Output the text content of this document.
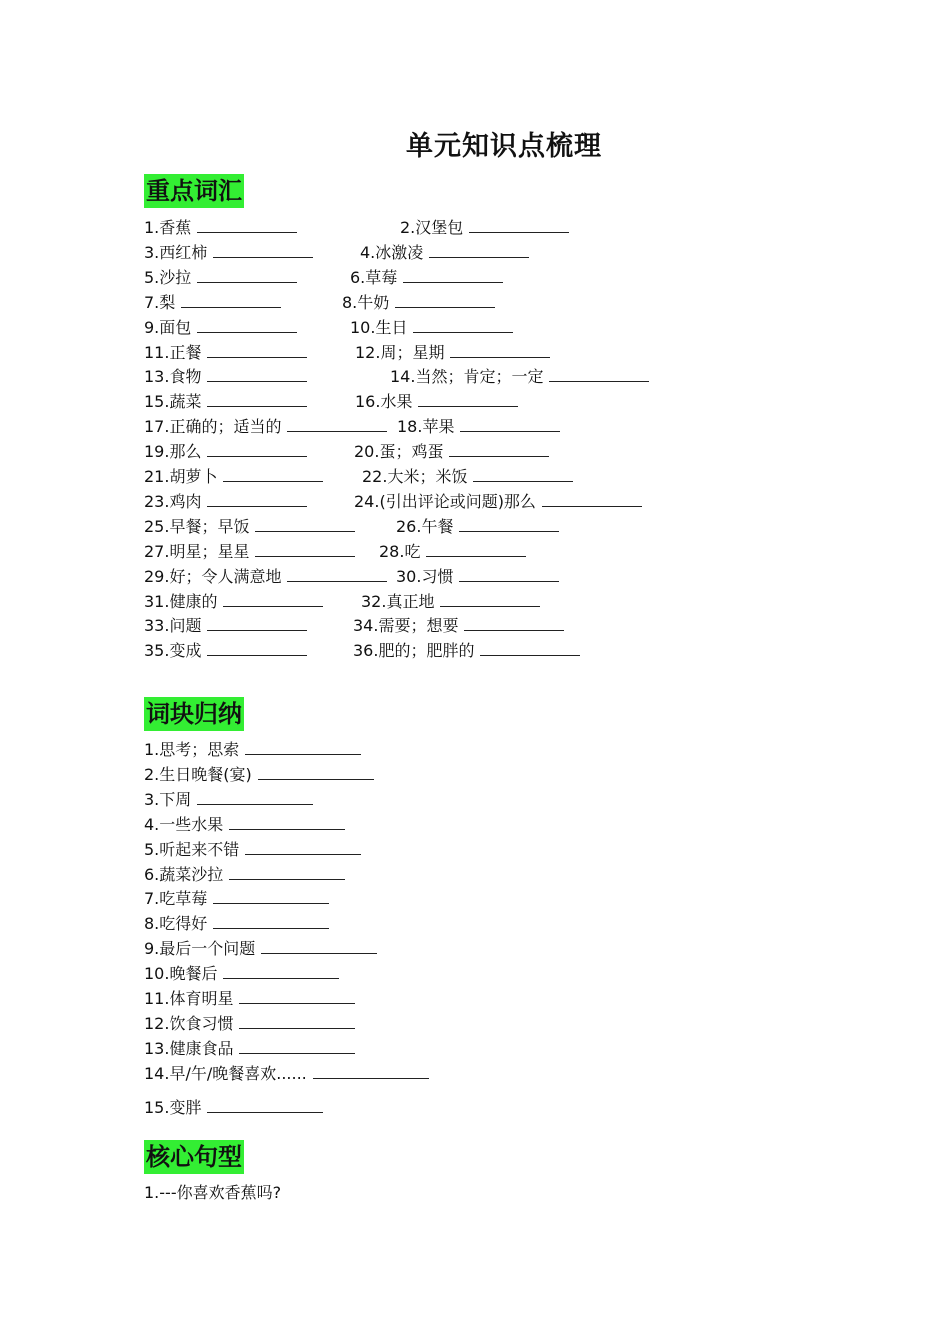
单元知识点梳理
重点词汇
1.香蕉	2.汉堡包
3.西红柿	4.冰激凌
5.沙拉	6.草莓
7.梨	8.牛奶
9.面包	10.生日
11.正餐	12.周；星期
13.食物	14.当然；肯定；一定
15.蔬菜	16.水果
17.正确的；适当的	18.苹果
19.那么	20.蛋；鸡蛋
21.胡萝卜	22.大米；米饭
23.鸡肉	24.(引出评论或问题)那么
25.早餐；早饭	26.午餐
27.明星；星星	28.吃
29.好；令人满意地	30.习惯
31.健康的	32.真正地
33.问题	34.需要；想要
35.变成	36.肥的；肥胖的
词块归纳
1.思考；思索
2.生日晚餐(宴)
3.下周
4.一些水果
5.听起来不错
6.蔬菜沙拉
7.吃草莓
8.吃得好
9.最后一个问题
10.晚餐后
11.体育明星
12.饮食习惯
13.健康食品
14.早/午/晚餐喜欢......
15.变胖
核心句型
1.---你喜欢香蕉吗?
